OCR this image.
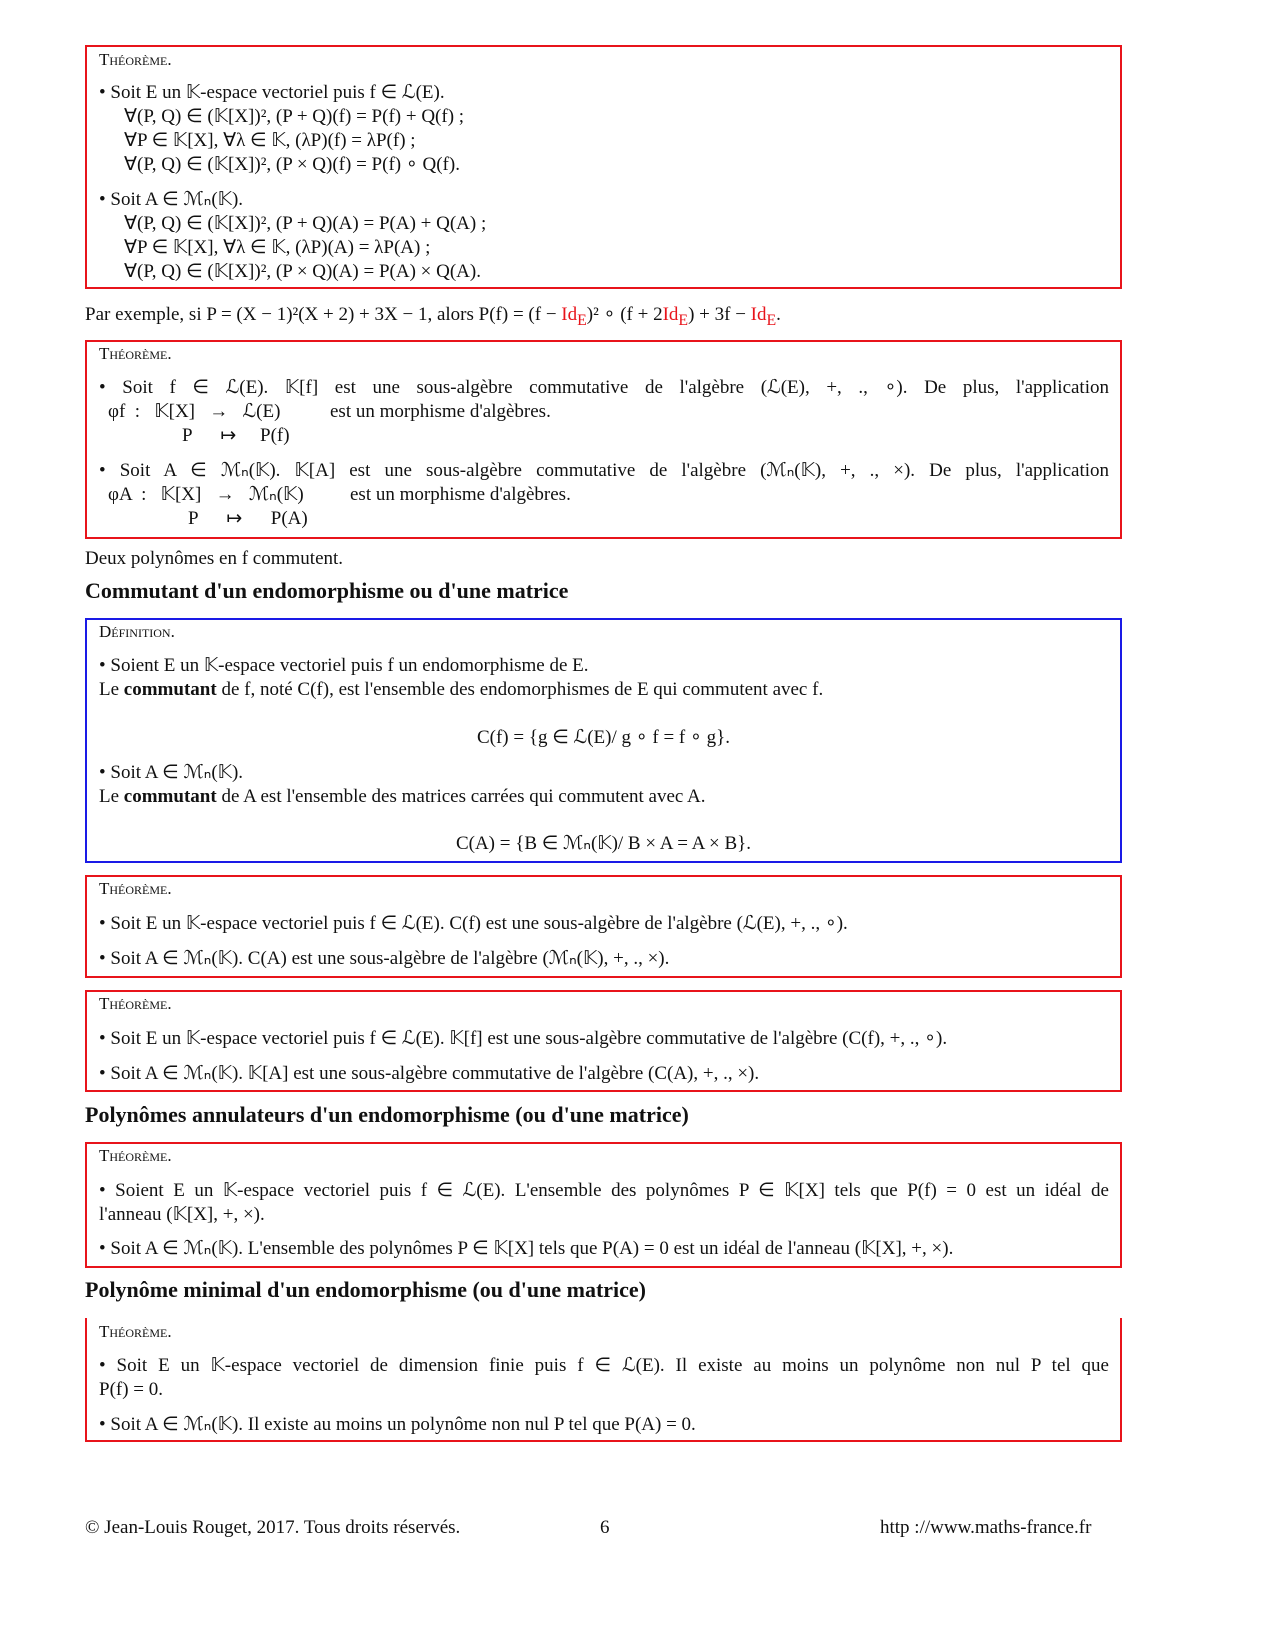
Théorème.
• Soit E un 𝕂-espace vectoriel puis f ∈ ℒ(E).
∀(P, Q) ∈ (𝕂[X])², (P + Q)(f) = P(f) + Q(f) ;
∀P ∈ 𝕂[X], ∀λ ∈ 𝕂, (λP)(f) = λP(f) ;
∀(P, Q) ∈ (𝕂[X])², (P × Q)(f) = P(f) ∘ Q(f).
• Soit A ∈ ℳₙ(𝕂).
∀(P, Q) ∈ (𝕂[X])², (P + Q)(A) = P(A) + Q(A) ;
∀P ∈ 𝕂[X], ∀λ ∈ 𝕂, (λP)(A) = λP(A) ;
∀(P, Q) ∈ (𝕂[X])², (P × Q)(A) = P(A) × Q(A).
Par exemple, si P = (X − 1)²(X + 2) + 3X − 1, alors $P(f) = (f - Id_E)^2$ ∘ $(f + 2Id_E) + 3f - Id_E$.
Théorème.
• Soit f ∈ ℒ(E). 𝕂[f] est une sous-algèbre commutative de l'algèbre (ℒ(E), +, ., ∘). De plus, l'application
φf  :   𝕂[X]   →   ℒ(E)	est un morphisme d'algèbres.
P      ↦     P(f)
• Soit A ∈ ℳₙ(𝕂). 𝕂[A] est une sous-algèbre commutative de l'algèbre (ℳₙ(𝕂), +, ., ×). De plus, l'application
φA  :   𝕂[X]   →   ℳₙ(𝕂) est un morphisme d'algèbres.
P      ↦      P(A)
Deux polynômes en f commutent.
Commutant d'un endomorphisme ou d'une matrice
Définition.
• Soient E un 𝕂-espace vectoriel puis f un endomorphisme de E.
Le commutant de f, noté C(f), est l'ensemble des endomorphismes de E qui commutent avec f.
C(f) = {g ∈ ℒ(E)/ g ∘ f = f ∘ g}.
• Soit A ∈ ℳₙ(𝕂).
Le commutant de A est l'ensemble des matrices carrées qui commutent avec A.
C(A) = {B ∈ ℳₙ(𝕂)/ B × A = A × B}.
Théorème.
• Soit E un 𝕂-espace vectoriel puis f ∈ ℒ(E). C(f) est une sous-algèbre de l'algèbre (ℒ(E), +, ., ∘).
• Soit A ∈ ℳₙ(𝕂). C(A) est une sous-algèbre de l'algèbre (ℳₙ(𝕂), +, ., ×).
Théorème.
• Soit E un 𝕂-espace vectoriel puis f ∈ ℒ(E). 𝕂[f] est une sous-algèbre commutative de l'algèbre (C(f), +, ., ∘).
• Soit A ∈ ℳₙ(𝕂). 𝕂[A] est une sous-algèbre commutative de l'algèbre (C(A), +, ., ×).
Polynômes annulateurs d'un endomorphisme (ou d'une matrice)
Théorème.
• Soient E un 𝕂-espace vectoriel puis f ∈ ℒ(E). L'ensemble des polynômes P ∈ 𝕂[X] tels que P(f) = 0 est un idéal de
l'anneau (𝕂[X], +, ×).
• Soit A ∈ ℳₙ(𝕂). L'ensemble des polynômes P ∈ 𝕂[X] tels que P(A) = 0 est un idéal de l'anneau (𝕂[X], +, ×).
Polynôme minimal d'un endomorphisme (ou d'une matrice)
Théorème.
• Soit E un 𝕂-espace vectoriel de dimension finie puis f ∈ ℒ(E). Il existe au moins un polynôme non nul P tel que
P(f) = 0.
• Soit A ∈ ℳₙ(𝕂). Il existe au moins un polynôme non nul P tel que P(A) = 0.
© Jean-Louis Rouget, 2017. Tous droits réservés.	6	http ://www.maths-france.fr
